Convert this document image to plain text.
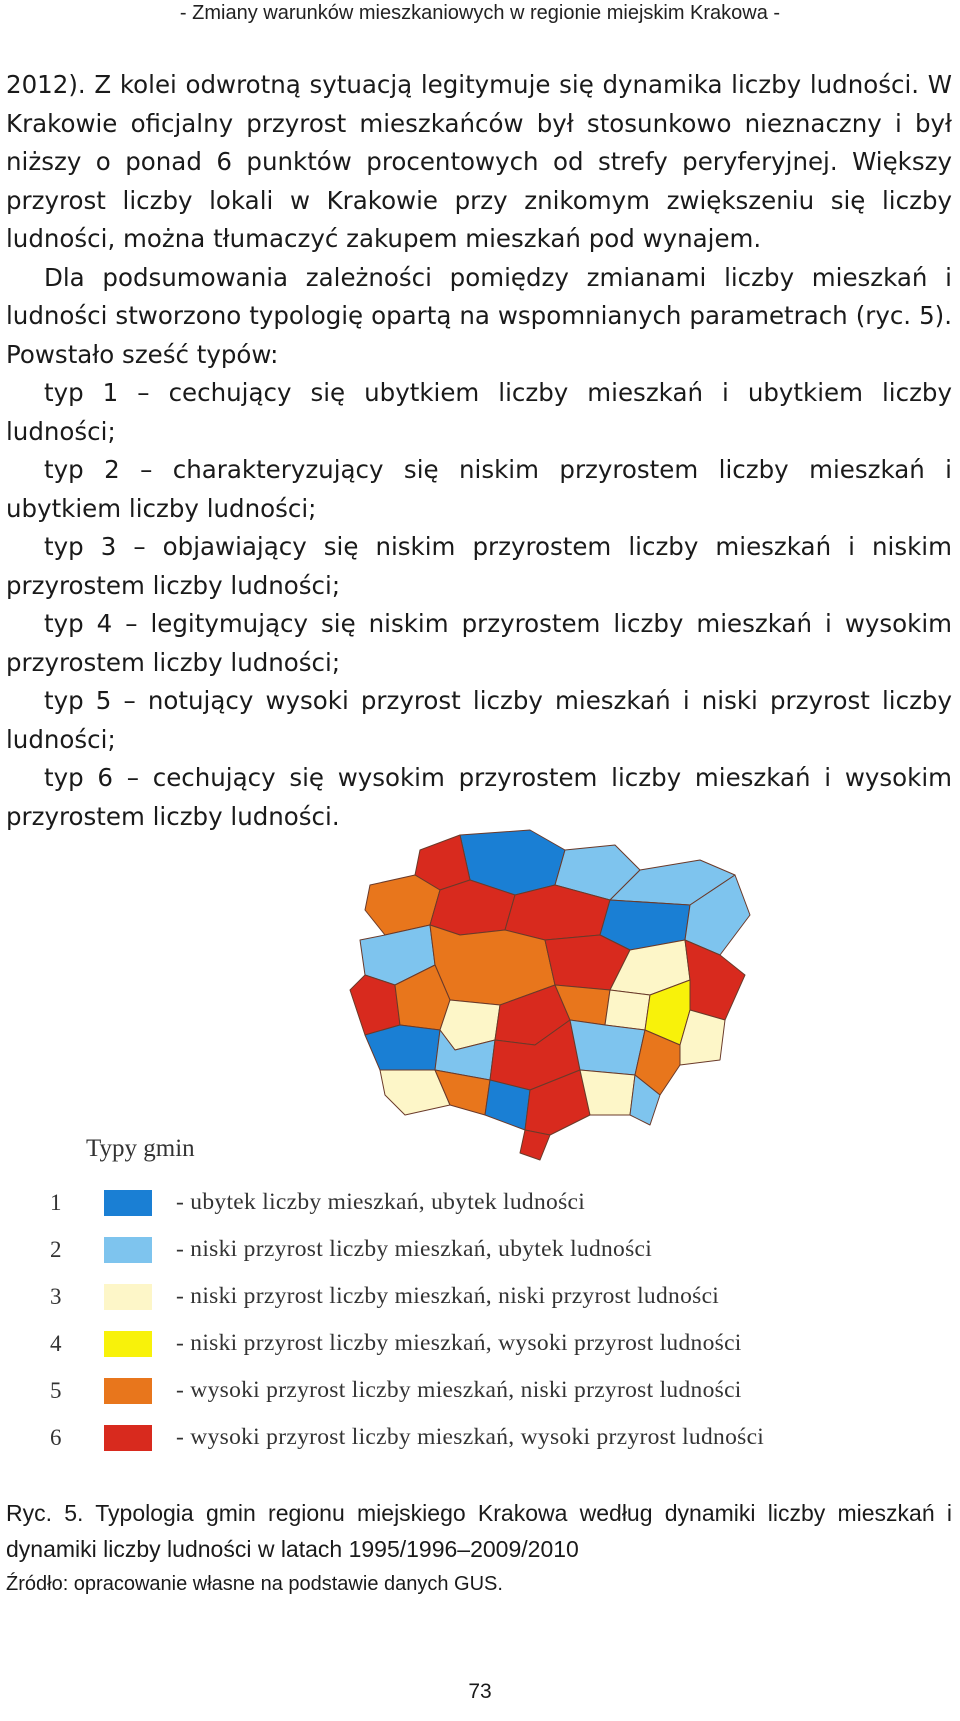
- Zmiany warunków mieszkaniowych w regionie miejskim Krakowa -

2012). Z kolei odwrotną sytuacją legitymuje się dynamika liczby ludności. W Krakowie oficjalny przyrost mieszkańców był stosunkowo nieznaczny i był niższy o ponad 6 punktów procentowych od strefy peryferyjnej. Większy przyrost liczby lokali w Krakowie przy znikomym zwiększeniu się liczby ludności, można tłumaczyć zakupem mieszkań pod wynajem.

Dla podsumowania zależności pomiędzy zmianami liczby mieszkań i ludności stworzono typologię opartą na wspomnianych parametrach (ryc. 5). Powstało sześć typów:

typ 1 – cechujący się ubytkiem liczby mieszkań i ubytkiem liczby ludności;

typ 2 – charakteryzujący się niskim przyrostem liczby mieszkań i ubytkiem liczby ludności;

typ 3 – objawiający się niskim przyrostem liczby mieszkań i niskim przyrostem liczby ludności;

typ 4 – legitymujący się niskim przyrostem liczby mieszkań i wysokim przyrostem liczby ludności;

typ 5 – notujący wysoki przyrost liczby mieszkań i niski przyrost liczby ludności;

typ 6 – cechujący się wysokim przyrostem liczby mieszkań i wysokim przyrostem liczby ludności.

Typy gmin
1	- ubytek liczby mieszkań, ubytek ludności
2	- niski przyrost liczby mieszkań, ubytek ludności
3	- niski przyrost liczby mieszkań, niski przyrost ludności
4	- niski przyrost liczby mieszkań, wysoki przyrost ludności
5	- wysoki przyrost liczby mieszkań, niski przyrost ludności
6	- wysoki przyrost liczby mieszkań, wysoki przyrost ludności
Ryc. 5. Typologia gmin regionu miejskiego Krakowa według dynamiki liczby mieszkań i dynamiki liczby ludności w latach 1995/1996–2009/2010
Źródło: opracowanie własne na podstawie danych GUS.
73
